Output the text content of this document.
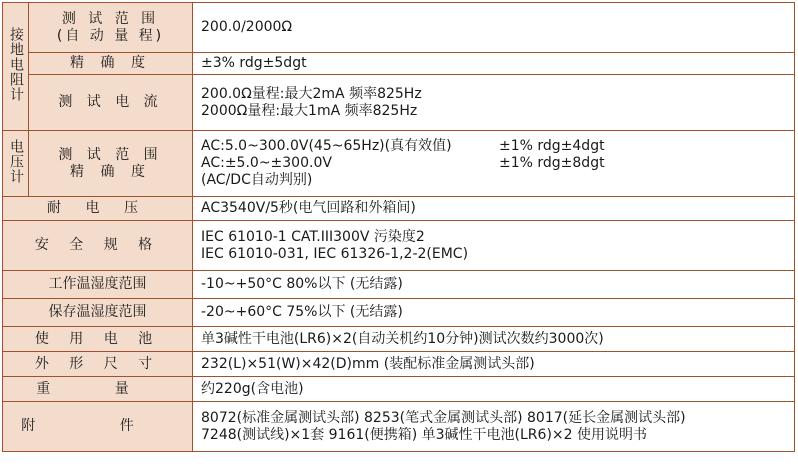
接地电阻计	测 试 范 围
(自 动 量 程)	200.0/2000Ω
	精 确 度	±3% rdg±5dgt
	测 试 电 流	200.0Ω量程:最大2mA 频率825Hz
2000Ω量程:最大1mA 频率825Hz

电压计	测 试 范 围
精 确 度	AC:5.0~300.0V(45~65Hz)(真有效值) ±1% rdg±4dgt
AC:±5.0~±300.0V ±1% rdg±8dgt
(AC/DC自动判别)

耐 电 压		AC3540V/5秒(电气回路和外箱间)
安 全 规 格		IEC 61010-1 CAT.III300V 污染度2
IEC 61010-031, IEC 61326-1,2-2(EMC)

工作温湿度范围		-10~+50°C 80%以下 (无结露)
保存温湿度范围		-20~+60°C 75%以下 (无结露)
使 用 电 池		单3碱性干电池(LR6)×2(自动关机约10分钟)测试次数约3000次)
外 形 尺 寸		232(L)×51(W)×42(D)mm (装配标准金属测试头部)
重 量		约220g(含电池)
附 件		8072(标准金属测试头部) 8253(笔式金属测试头部) 8017(延长金属测试头部)
7248(测试线)×1套 9161(便携箱) 单3碱性干电池(LR6)×2 使用说明书
